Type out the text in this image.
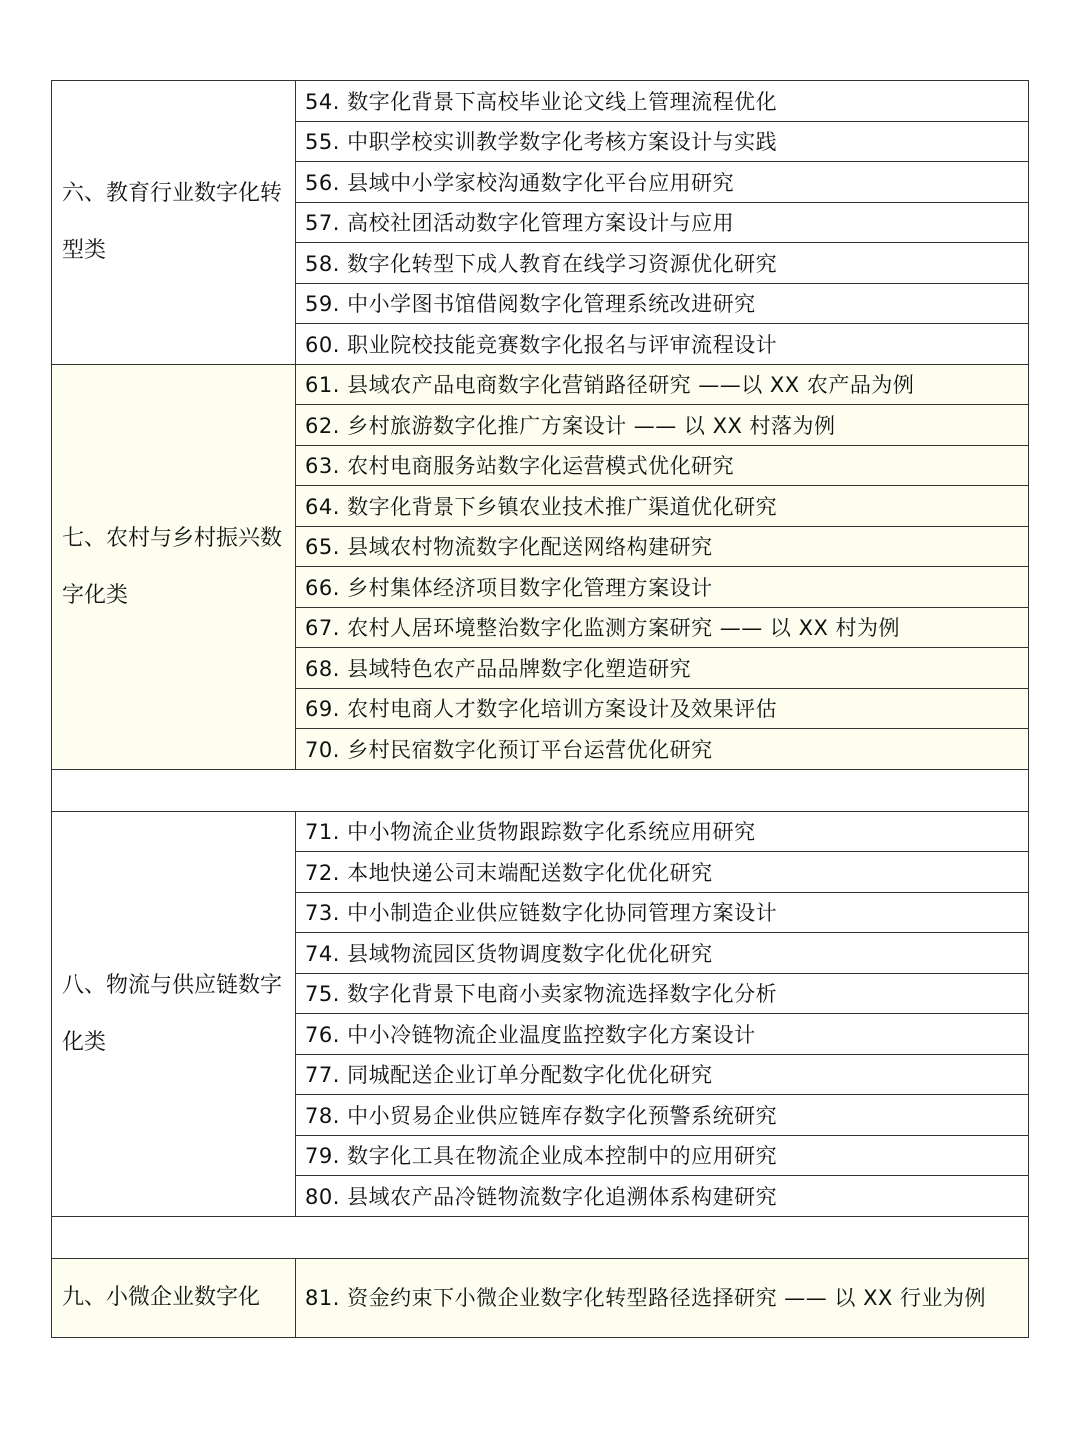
六、教育行业数字化转型类	54. 数字化背景下高校毕业论文线上管理流程优化
	55. 中职学校实训教学数字化考核方案设计与实践
	56. 县域中小学家校沟通数字化平台应用研究
	57. 高校社团活动数字化管理方案设计与应用
	58. 数字化转型下成人教育在线学习资源优化研究
	59. 中小学图书馆借阅数字化管理系统改进研究
	60. 职业院校技能竞赛数字化报名与评审流程设计
七、农村与乡村振兴数字化类	61. 县域农产品电商数字化营销路径研究 ——以 XX 农产品为例
	62. 乡村旅游数字化推广方案设计 —— 以 XX 村落为例
	63. 农村电商服务站数字化运营模式优化研究
	64. 数字化背景下乡镇农业技术推广渠道优化研究
	65. 县域农村物流数字化配送网络构建研究
	66. 乡村集体经济项目数字化管理方案设计
	67. 农村人居环境整治数字化监测方案研究 —— 以 XX 村为例
	68. 县域特色农产品品牌数字化塑造研究
	69. 农村电商人才数字化培训方案设计及效果评估
	70. 乡村民宿数字化预订平台运营优化研究

八、物流与供应链数字化类	71. 中小物流企业货物跟踪数字化系统应用研究
	72. 本地快递公司末端配送数字化优化研究
	73. 中小制造企业供应链数字化协同管理方案设计
	74. 县域物流园区货物调度数字化优化研究
	75. 数字化背景下电商小卖家物流选择数字化分析
	76. 中小冷链物流企业温度监控数字化方案设计
	77. 同城配送企业订单分配数字化优化研究
	78. 中小贸易企业供应链库存数字化预警系统研究
	79. 数字化工具在物流企业成本控制中的应用研究
	80. 县域农产品冷链物流数字化追溯体系构建研究

九、小微企业数字化	81. 资金约束下小微企业数字化转型路径选择研究 —— 以 XX 行业为例
